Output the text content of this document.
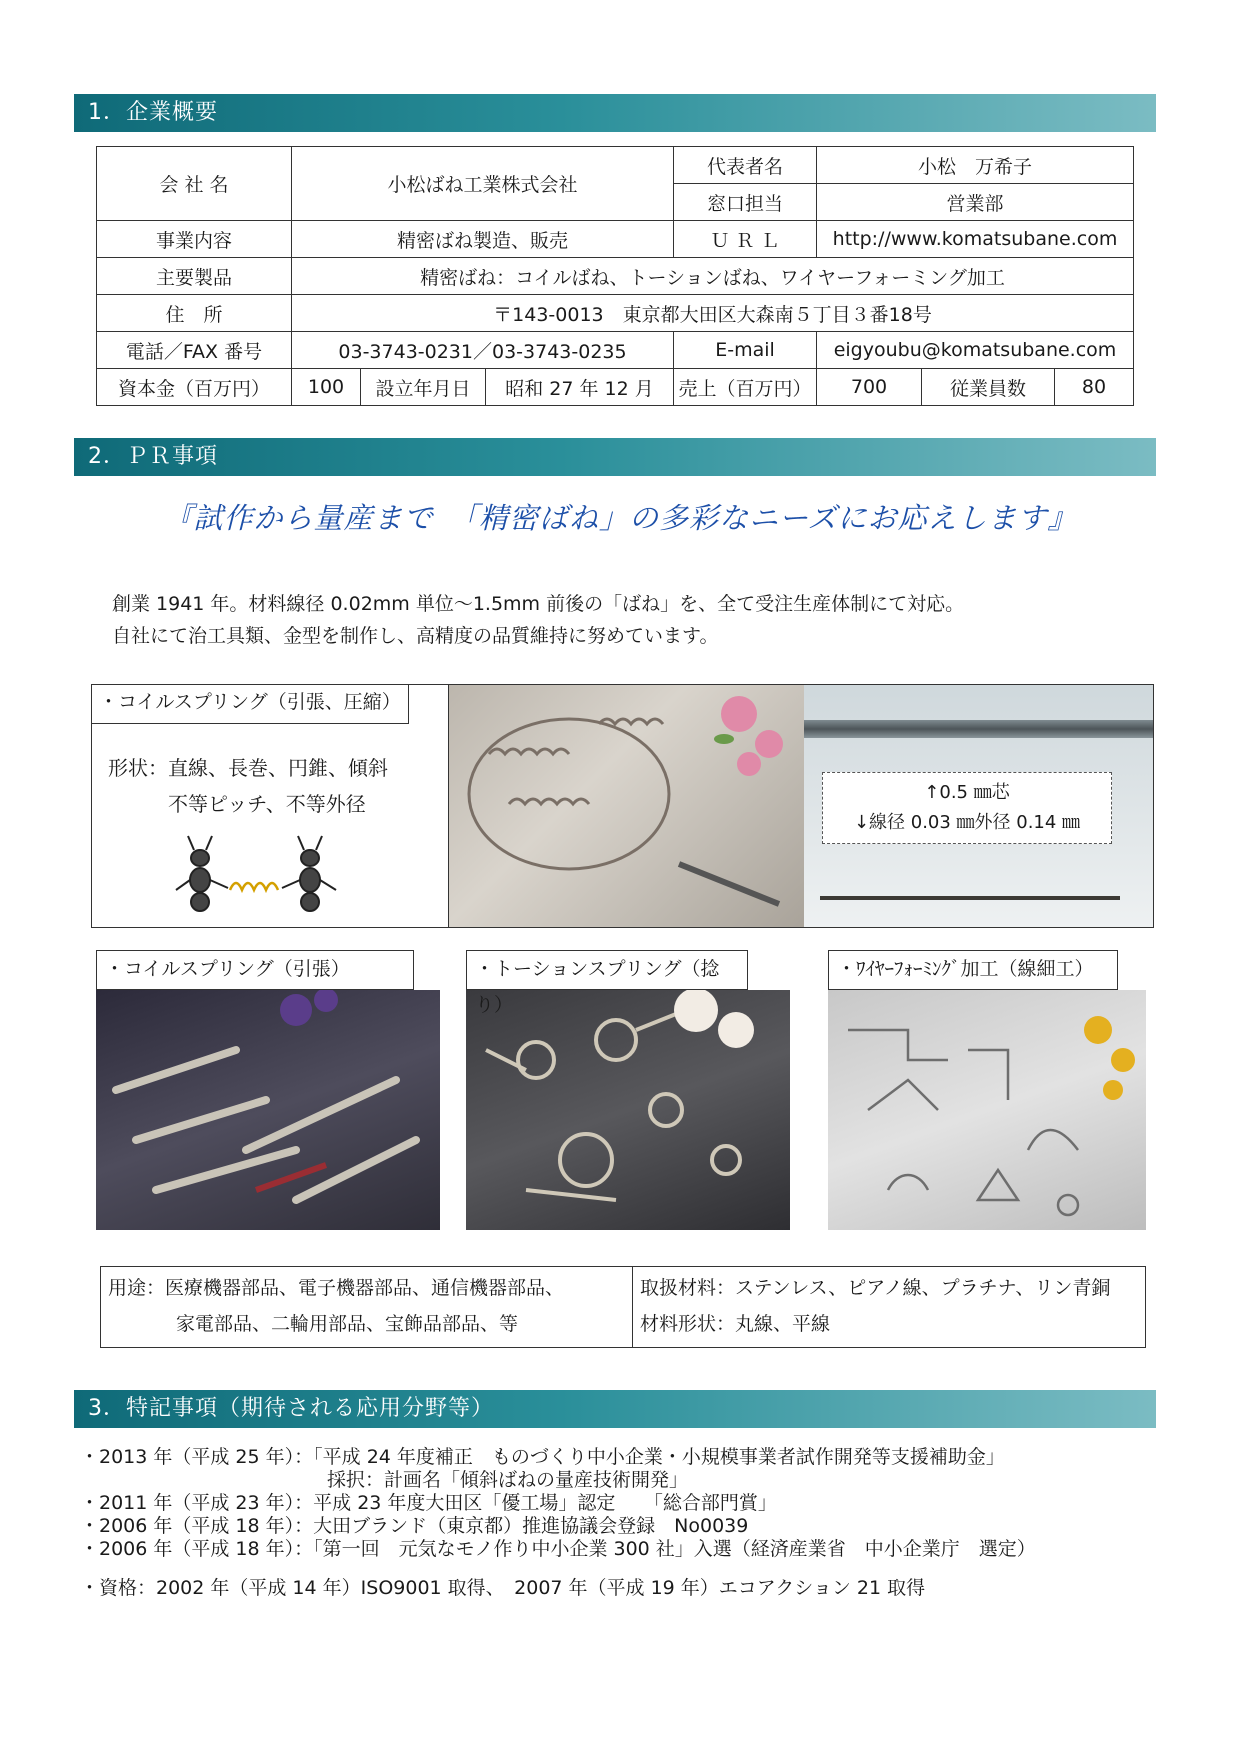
1．企業概要
会 社 名	小松ばね工業株式会社			代表者名	小松　万希子		
				窓口担当	営業部		
事業内容	精密ばね製造、販売			Ｕ Ｒ Ｌ	http://www.komatsubane.com		
主要製品	精密ばね：コイルばね、トーションばね、ワイヤーフォーミング加工						
住　所	〒143-0013　東京都大田区大森南５丁目３番18号						
電話／FAX 番号	03-3743-0231／03-3743-0235			E-mail	eigyoubu@komatsubane.com		
資本金（百万円）	100	設立年月日	昭和 27 年 12 月	売上（百万円）	700	従業員数	80
2．ＰＲ事項
『試作から量産まで　「精密ばね」の多彩なニーズにお応えします』
創業 1941 年。材料線径 0.02mm 単位～1.5mm 前後の「ばね」を、全て受注生産体制にて対応。
自社にて治工具類、金型を制作し、高精度の品質維持に努めています。
・コイルスプリング（引張、圧縮）
形状：直線、長巻、円錐、傾斜
不等ピッチ、不等外径	↑0.5 ㎜芯
↓線径 0.03 ㎜外径 0.14 ㎜
・コイルスプリング（引張）	・トーションスプリング（捻り）
・ﾜｲﾔｰﾌｫｰﾐﾝｸﾞ加工（線細工）
用途：医療機器部品、電子機器部品、通信機器部品、
家電部品、二輪用部品、宝飾品部品、等
取扱材料：ステンレス、ピアノ線、プラチナ、リン青銅
材料形状：丸線、平線
3．特記事項（期待される応用分野等）
・2013 年（平成 25 年）：「平成 24 年度補正　ものづくり中小企業・小規模事業者試作開発等支援補助金」
　　　　　　　　　　　　　採択：計画名「傾斜ばねの量産技術開発」
・2011 年（平成 23 年）：平成 23 年度大田区「優工場」認定　　「総合部門賞」
・2006 年（平成 18 年）：大田ブランド（東京都）推進協議会登録　No0039
・2006 年（平成 18 年）：「第一回　元気なモノ作り中小企業 300 社」入選（経済産業省　中小企業庁　選定）
・資格：2002 年（平成 14 年）ISO9001 取得、　2007 年（平成 19 年）エコアクション 21 取得
